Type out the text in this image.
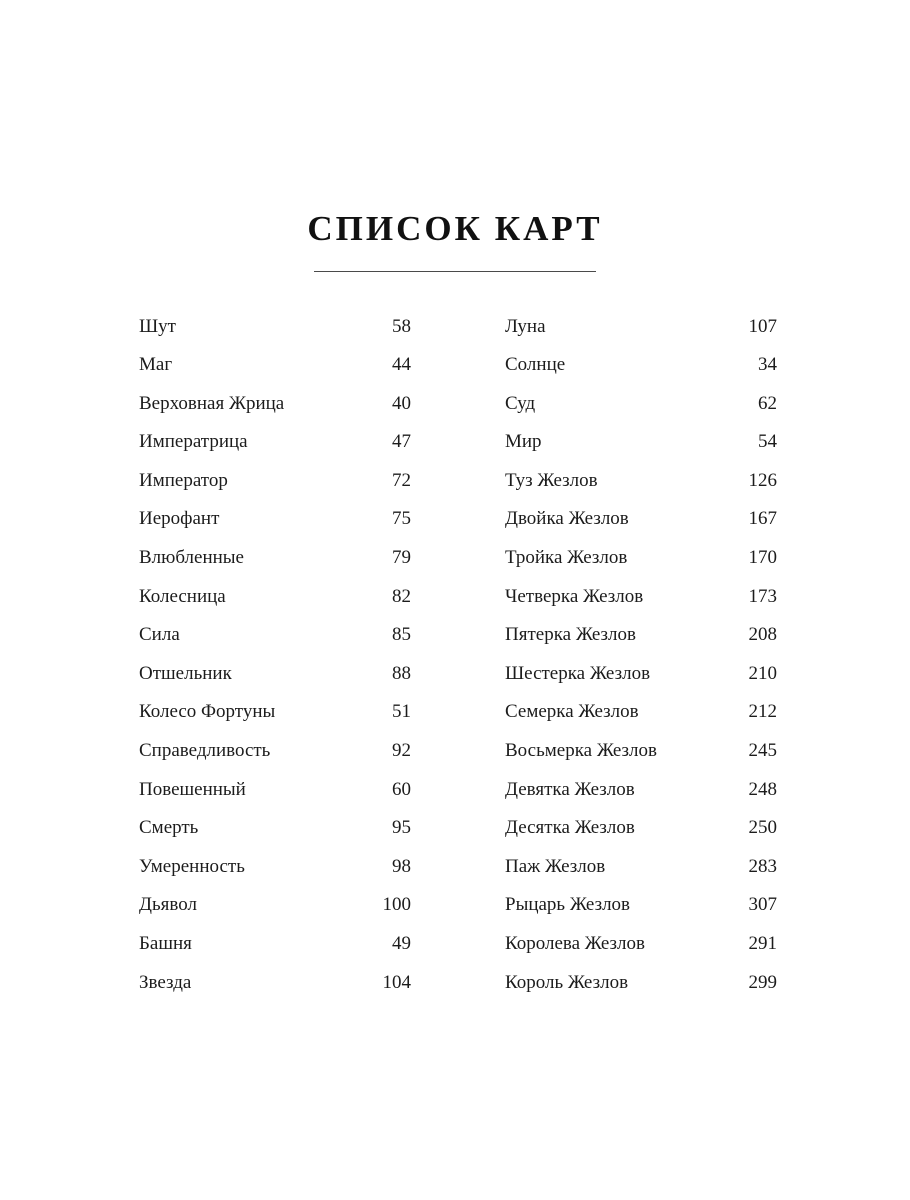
СПИСОК КАРТ
Шут	58
Маг	44
Верховная Жрица	40
Императрица	47
Император	72
Иерофант	75
Влюбленные	79
Колесница	82
Сила	85
Отшельник	88
Колесо Фортуны	51
Справедливость	92
Повешенный	60
Смерть	95
Умеренность	98
Дьявол	100
Башня	49
Звезда	104
Луна	107
Солнце	34
Суд	62
Мир	54
Туз Жезлов	126
Двойка Жезлов	167
Тройка Жезлов	170
Четверка Жезлов	173
Пятерка Жезлов	208
Шестерка Жезлов	210
Семерка Жезлов	212
Восьмерка Жезлов	245
Девятка Жезлов	248
Десятка Жезлов	250
Паж Жезлов	283
Рыцарь Жезлов	307
Королева Жезлов	291
Король Жезлов	299
